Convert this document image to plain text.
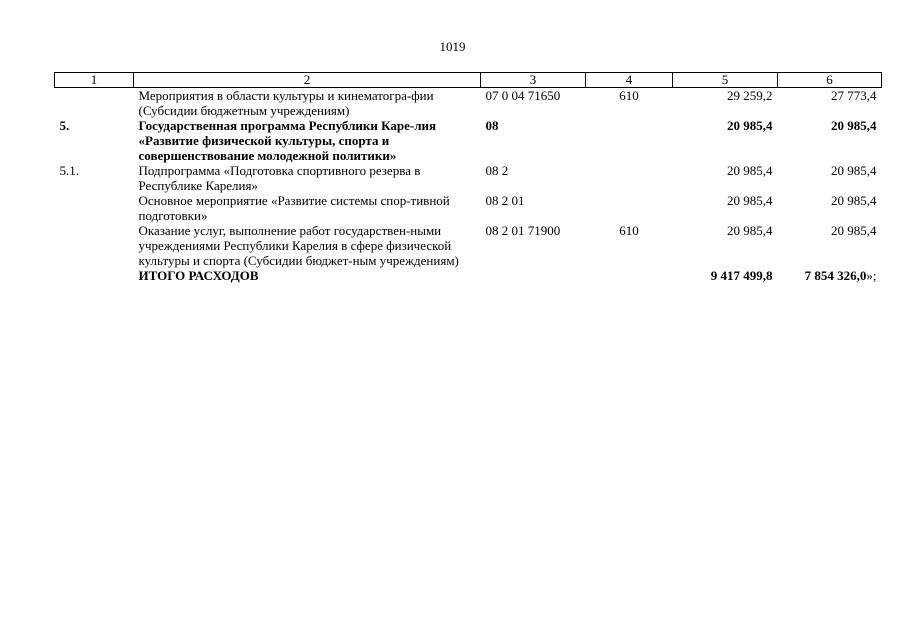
1019
1	2	3	4	5	6
	Мероприятия в области культуры и кинематогра-фии (Субсидии бюджетным учреждениям)	07 0 04 71650	610	29 259,2	27 773,4
5.	Государственная программа Республики Каре-лия «Развитие физической культуры, спорта и совершенствование молодежной политики»	08		20 985,4	20 985,4
5.1.	Подпрограмма «Подготовка спортивного резерва в Республике Карелия»	08 2		20 985,4	20 985,4
	Основное мероприятие «Развитие системы спор-тивной подготовки»	08 2 01		20 985,4	20 985,4
	Оказание услуг, выполнение работ государствен-ными учреждениями Республики Карелия в сфере физической культуры и спорта (Субсидии бюджет-ным учреждениям)	08 2 01 71900	610	20 985,4	20 985,4
	ИТОГО РАСХОДОВ			9 417 499,8	7 854 326,0»;
